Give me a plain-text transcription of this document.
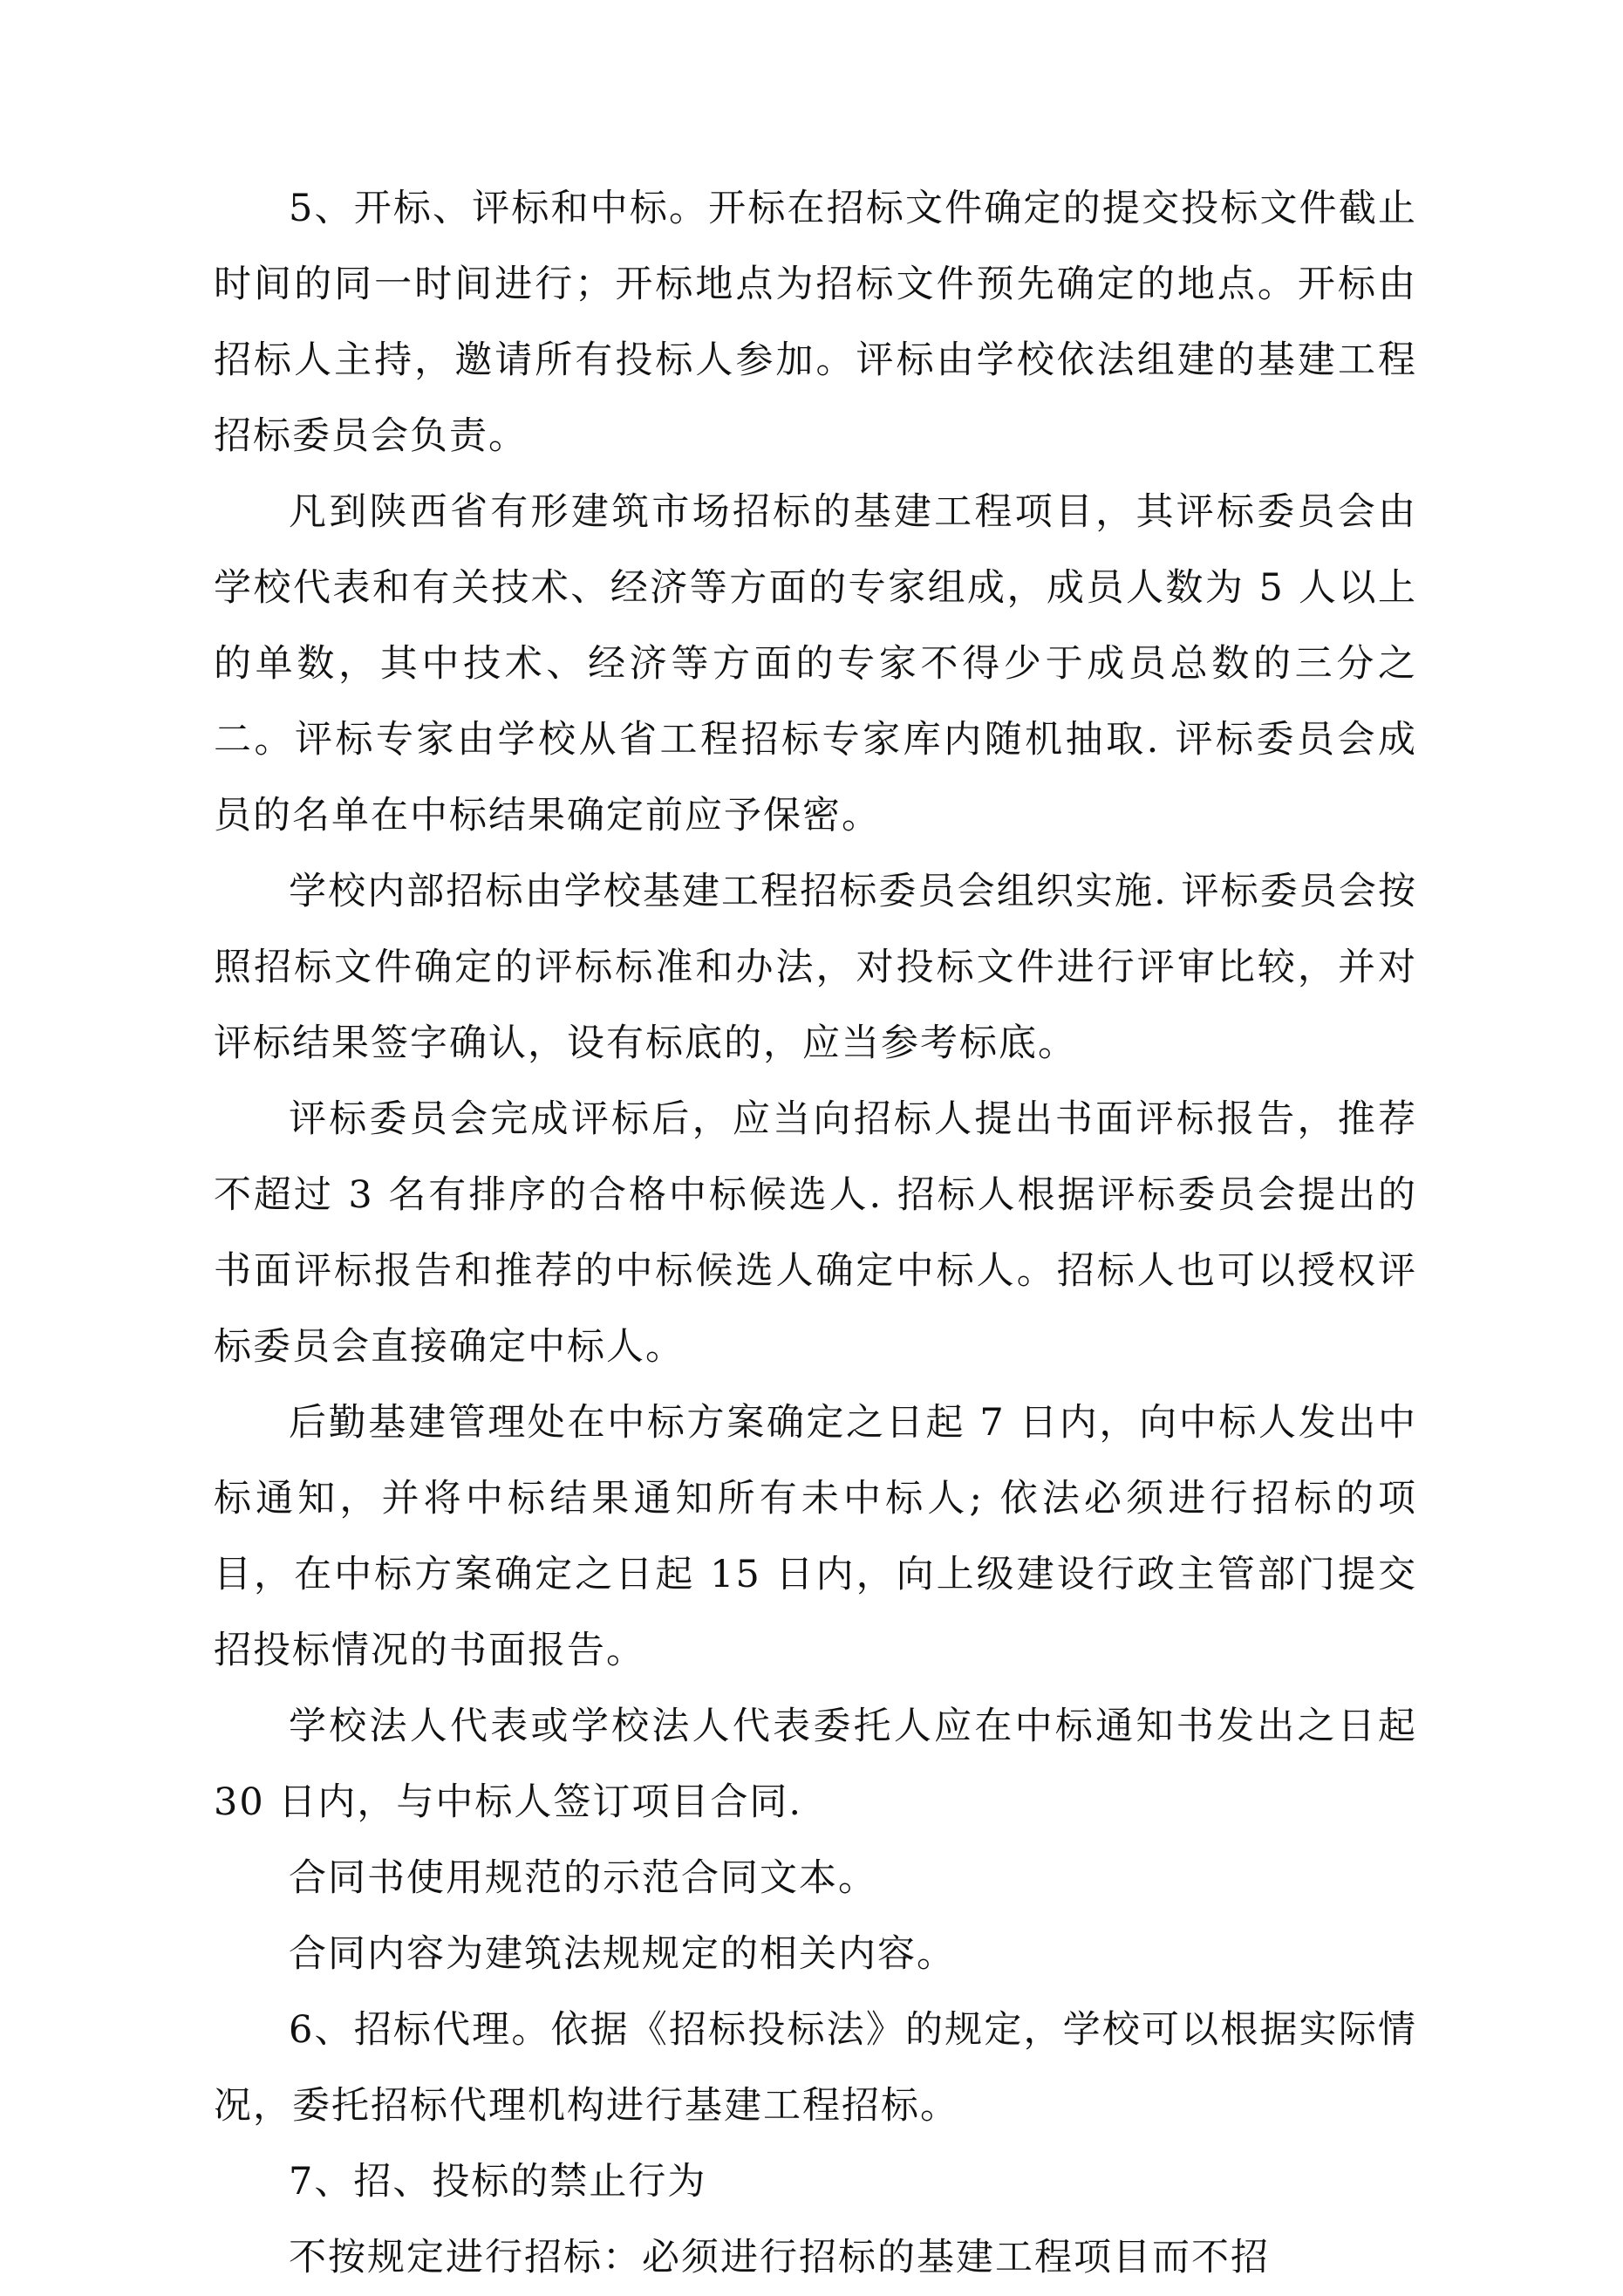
5、开标、评标和中标。开标在招标文件确定的提交投标文件截止时间的同一时间进行；开标地点为招标文件预先确定的地点。开标由招标人主持，邀请所有投标人参加。评标由学校依法组建的基建工程招标委员会负责。

凡到陕西省有形建筑市场招标的基建工程项目，其评标委员会由学校代表和有关技术、经济等方面的专家组成，成员人数为 5 人以上的单数，其中技术、经济等方面的专家不得少于成员总数的三分之二。评标专家由学校从省工程招标专家库内随机抽取. 评标委员会成员的名单在中标结果确定前应予保密。

学校内部招标由学校基建工程招标委员会组织实施. 评标委员会按照招标文件确定的评标标准和办法，对投标文件进行评审比较，并对评标结果签字确认，设有标底的，应当参考标底。

评标委员会完成评标后，应当向招标人提出书面评标报告，推荐不超过 3 名有排序的合格中标候选人. 招标人根据评标委员会提出的书面评标报告和推荐的中标候选人确定中标人。招标人也可以授权评标委员会直接确定中标人。

后勤基建管理处在中标方案确定之日起 7 日内，向中标人发出中标通知，并将中标结果通知所有未中标人; 依法必须进行招标的项目，在中标方案确定之日起 15 日内，向上级建设行政主管部门提交招投标情况的书面报告。

学校法人代表或学校法人代表委托人应在中标通知书发出之日起 30 日内，与中标人签订项目合同.

合同书使用规范的示范合同文本。

合同内容为建筑法规规定的相关内容。

6、招标代理。依据《招标投标法》的规定，学校可以根据实际情况，委托招标代理机构进行基建工程招标。

7、招、投标的禁止行为

不按规定进行招标：必须进行招标的基建工程项目而不招
